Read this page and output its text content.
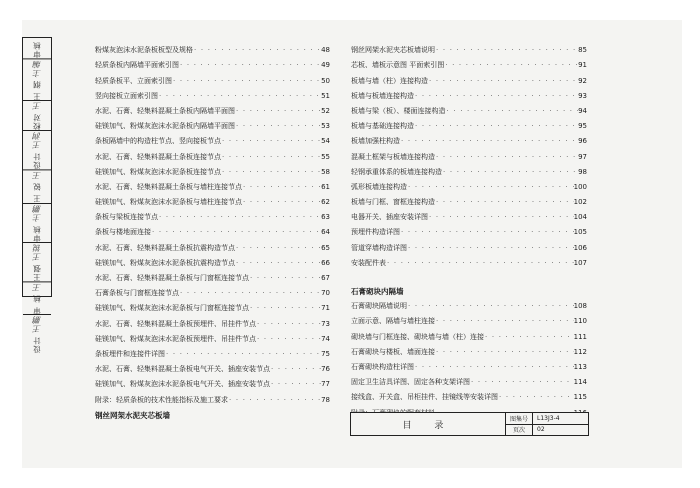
审核
王 纲
主编
校对
王
设计
王润
王 锐
王
审核
主鹏
王强
王锐
审 核
王
设计
王鹏
粉煤灰泡沫水泥条板板型及规格 · · ·	48
轻质条板内隔墙平面索引图 · · ·	49
轻质条板平、立面索引图 · · ·	50
竖向接板立面索引图 · · ·	51
水泥、石膏、轻集料混凝土条板内隔墙平面图 · · ·	52
硅镁加气、粉煤灰泡沫水泥条板内隔墙平面图 · · ·	53
条板隔墙中的构造柱节点、竖向接板节点 · · ·	54
水泥、石膏、轻集料混凝土条板连接节点 · · ·	55
硅镁加气、粉煤灰泡沫水泥条板连接节点 · · ·	58
水泥、石膏、轻集料混凝土条板与墙柱连接节点 · · ·	61
硅镁加气、粉煤灰泡沫水泥条板与墙柱连接节点 · · ·	62
条板与梁板连接节点 · · ·	63
条板与楼地面连接 · · ·	64
水泥、石膏、轻集料混凝土条板抗震构造节点 · · ·	65
硅镁加气、粉煤灰泡沫水泥条板抗震构造节点 · · ·	66
水泥、石膏、轻集料混凝土条板与门窗框连接节点 · · ·	67
石膏条板与门窗框连接节点 · · ·	70
硅镁加气、粉煤灰泡沫水泥条板与门窗框连接节点 · · ·	71
水泥、石膏、轻集料混凝土条板预埋件、吊挂件节点 · · ·	73
硅镁加气、粉煤灰泡沫水泥条板预埋件、吊挂件节点 · · ·	74
条板埋件和连接件详图 · · ·	75
水泥、石膏、轻集料混凝土条板电气开关、插座安装节点 · · ·	76
硅镁加气、粉煤灰泡沫水泥条板电气开关、插座安装节点 · · ·	77
附录：轻质条板的技术性能指标及施工要求 · · ·	78
钢丝网架水泥夹芯板墙
钢丝网架水泥夹芯板墙说明 · · ·	85
芯板、墙板示意图 平面索引图 · · ·	91
板墙与墙（柱）连接构造 · · ·	92
板墙与板墙连接构造 · · ·	93
板墙与梁（板）、楼面连接构造 · · ·	94
板墙与基础连接构造 · · ·	95
板墙加强柱构造 · · ·	96
混凝土框架与板墙连接构造 · · ·	97
轻钢承重体系的板墙连接构造 · · ·	98
弧形板墙连接构造 · · ·	100
板墙与门框、窗框连接构造 · · ·	102
电器开关、插座安装详图 · · ·	104
预埋件构造详图 · · ·	105
管道穿墙构造详图 · · ·	106
安装配件表 · · ·	107
石膏砌块内隔墙
石膏砌块隔墙说明 · · ·	108
立面示意、隔墙与墙柱连接 · · ·	110
砌块墙与门框连接、砌块墙与墙（柱）连接 · · ·	111
石膏砌块与楼板、墙面连接 · · ·	112
石膏砌块构造柱详图 · · ·	113
固定卫生洁具详图、固定各种支架详图 · · ·	114
接线盒、开关盒、吊柜挂件、挂镜线等安装详图 · · ·	115
· · ·
目 录
图集号	L13J3-4
页次	02
